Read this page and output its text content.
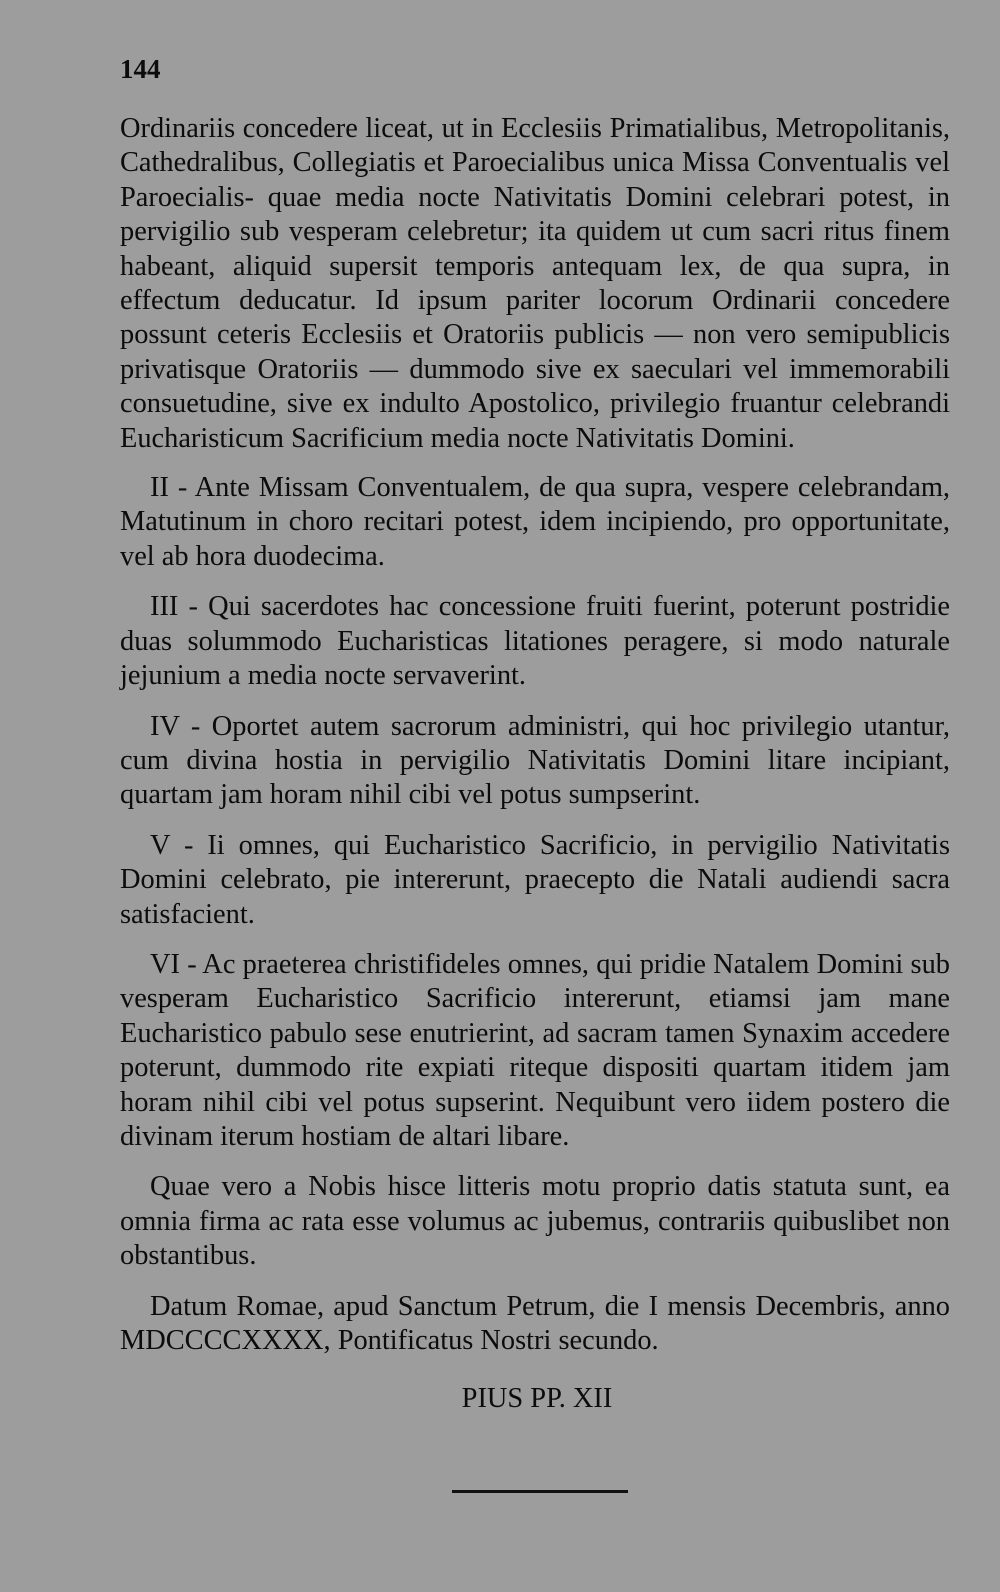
144

Ordinariis concedere liceat, ut in Ecclesiis Primatialibus, Metropolitanis, Cathedralibus, Collegiatis et Paroecialibus unica Missa Conventualis vel Paroecialis- quae media nocte Nativitatis Domini celebrari potest, in pervigilio sub vesperam celebretur; ita quidem ut cum sacri ritus finem habeant, aliquid supersit temporis antequam lex, de qua supra, in effectum deducatur. Id ipsum pariter locorum Ordinarii concedere possunt ceteris Ecclesiis et Oratoriis publicis — non vero semipublicis privatisque Oratoriis — dummodo sive ex saeculari vel immemorabili consuetudine, sive ex indulto Apostolico, privilegio fruantur celebrandi Eucharisticum Sacrificium media nocte Nativitatis Domini.

II - Ante Missam Conventualem, de qua supra, vespere celebrandam, Matutinum in choro recitari potest, idem incipiendo, pro opportunitate, vel ab hora duodecima.

III - Qui sacerdotes hac concessione fruiti fuerint, poterunt postridie duas solummodo Eucharisticas litationes peragere, si modo naturale jejunium a media nocte servaverint.

IV - Oportet autem sacrorum administri, qui hoc privilegio utantur, cum divina hostia in pervigilio Nativitatis Domini litare incipiant, quartam jam horam nihil cibi vel potus sumpserint.

V - Ii omnes, qui Eucharistico Sacrificio, in pervigilio Nativitatis Domini celebrato, pie intererunt, praecepto die Natali audiendi sacra satisfacient.

VI - Ac praeterea christifideles omnes, qui pridie Natalem Domini sub vesperam Eucharistico Sacrificio intererunt, etiamsi jam mane Eucharistico pabulo sese enutrierint, ad sacram tamen Synaxim accedere poterunt, dummodo rite expiati riteque dispositi quartam itidem jam horam nihil cibi vel potus supserint. Nequibunt vero iidem postero die divinam iterum hostiam de altari libare.

Quae vero a Nobis hisce litteris motu proprio datis statuta sunt, ea omnia firma ac rata esse volumus ac jubemus, contrariis quibuslibet non obstantibus.

Datum Romae, apud Sanctum Petrum, die I mensis Decembris, anno MDCCCCXXXX, Pontificatus Nostri secundo.

PIUS PP. XII
